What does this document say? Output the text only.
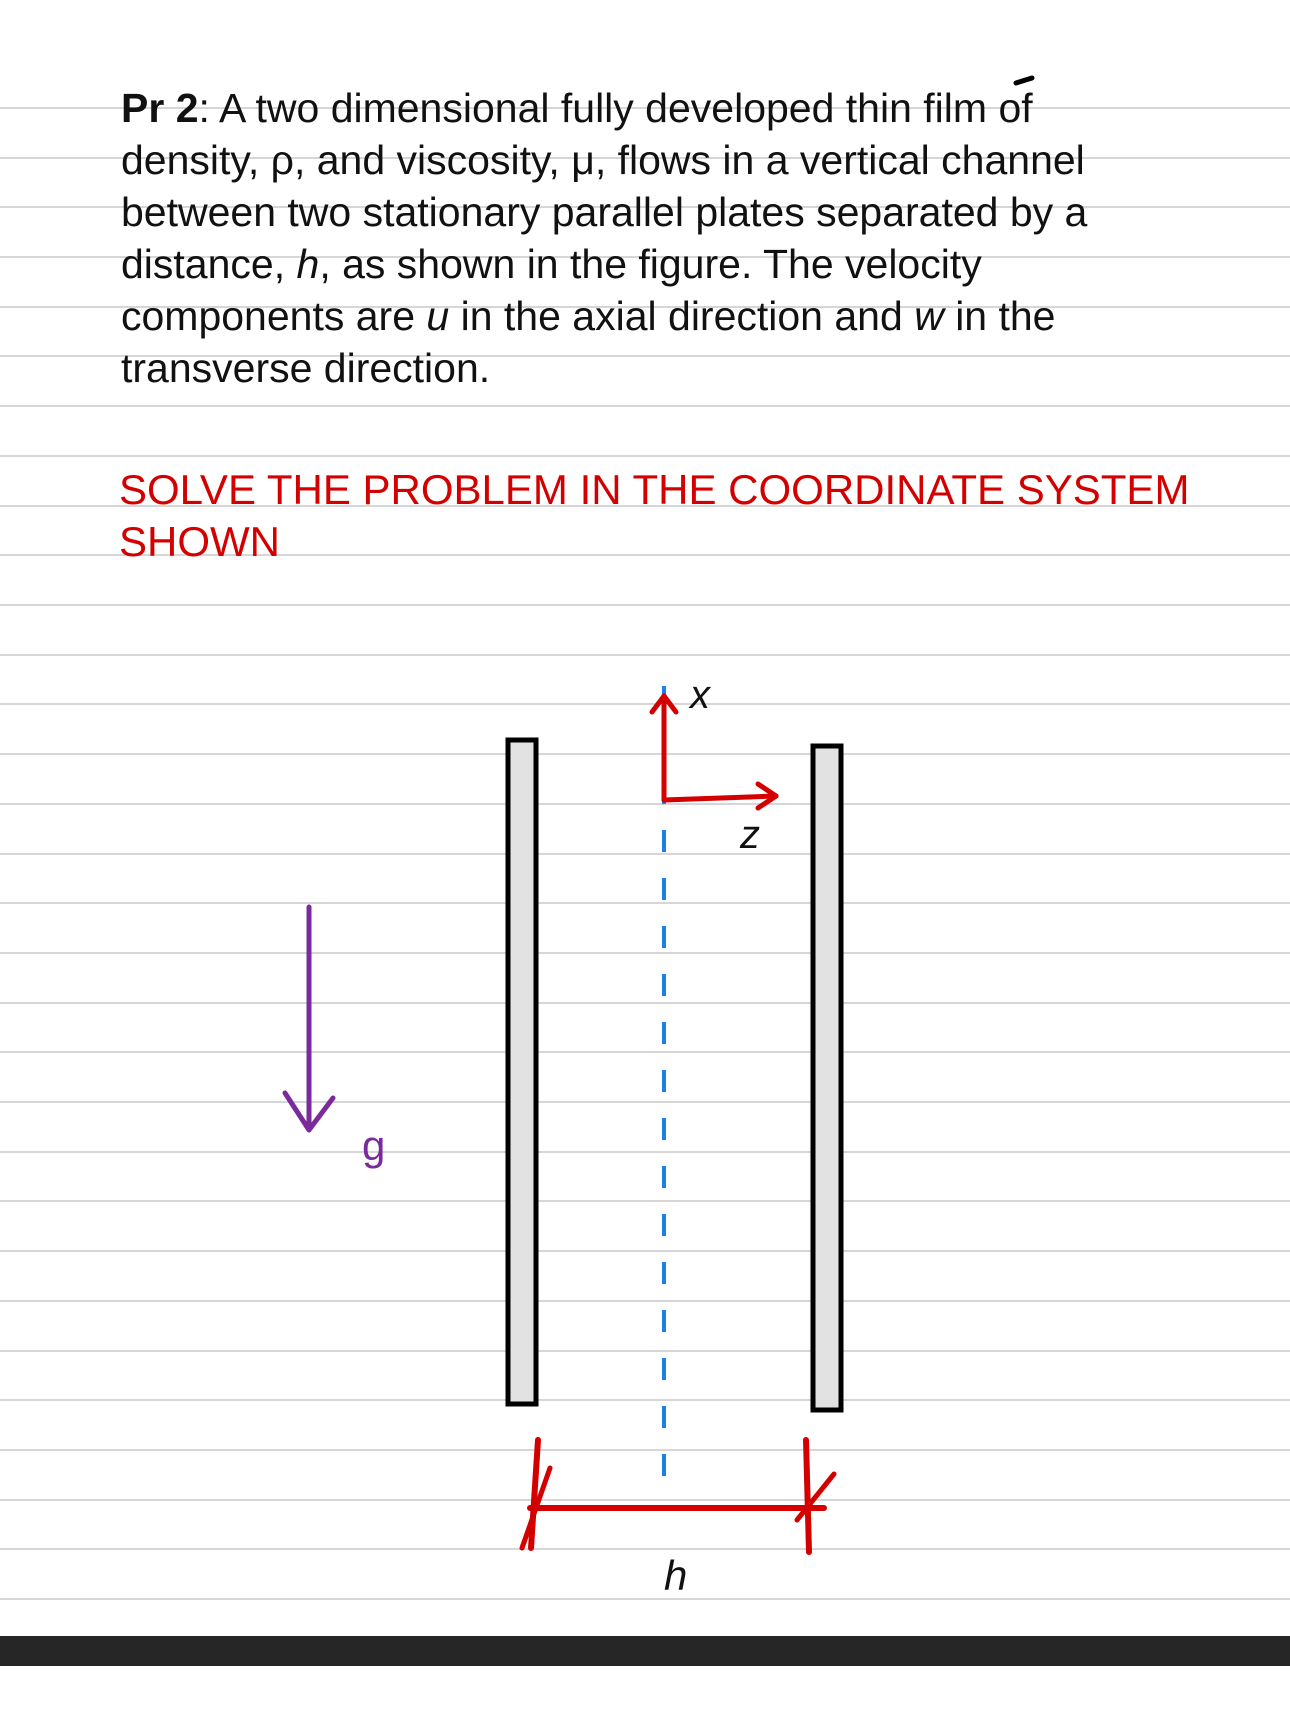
Pr 2: A two dimensional fully developed thin film of
density, ρ, and viscosity, μ, flows in a vertical channel
between two stationary parallel plates separated by a
distance, h, as shown in the figure. The velocity
components are u in the axial direction and w in the
transverse direction.
SOLVE THE PROBLEM IN THE COORDINATE SYSTEM
SHOWN
x
z
g
h
